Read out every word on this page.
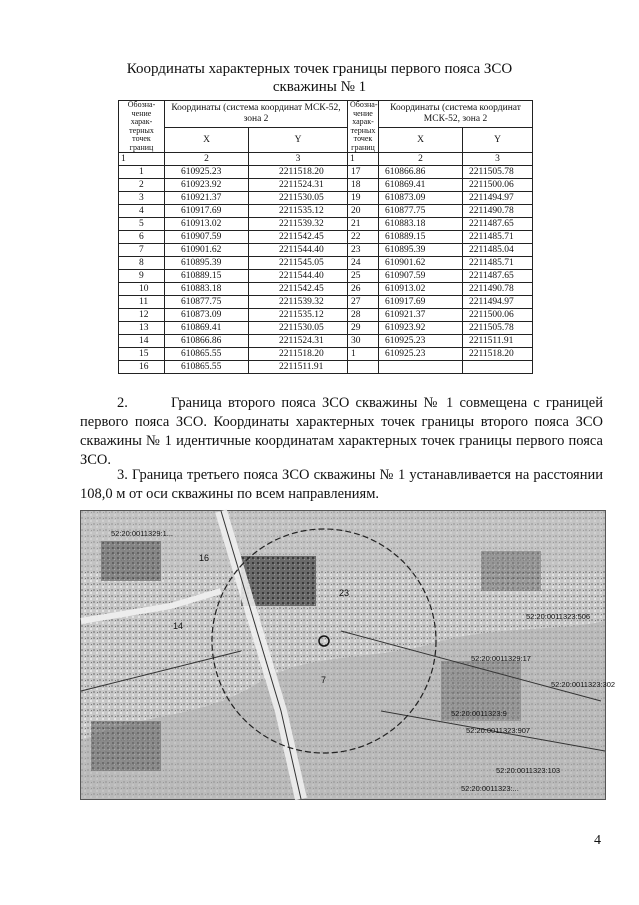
Координаты характерных точек границы первого пояса ЗСО
скважины № 1
Обозна- чение харак- терных точек границ	Координаты (система координат МСК-52, зона 2		Обозна- чение харак- терных точек границ	Координаты (система координат МСК-52, зона 2	
	X	Y		X	Y
1	2	3	1	2	3
1	610925.23	2211518.20	17	610866.86	2211505.78
2	610923.92	2211524.31	18	610869.41	2211500.06
3	610921.37	2211530.05	19	610873.09	2211494.97
4	610917.69	2211535.12	20	610877.75	2211490.78
5	610913.02	2211539.32	21	610883.18	2211487.65
6	610907.59	2211542.45	22	610889.15	2211485.71
7	610901.62	2211544.40	23	610895.39	2211485.04
8	610895.39	2211545.05	24	610901.62	2211485.71
9	610889.15	2211544.40	25	610907.59	2211487.65
10	610883.18	2211542.45	26	610913.02	2211490.78
11	610877.75	2211539.32	27	610917.69	2211494.97
12	610873.09	2211535.12	28	610921.37	2211500.06
13	610869.41	2211530.05	29	610923.92	2211505.78
14	610866.86	2211524.31	30	610925.23	2211511.91
15	610865.55	2211518.20	1	610925.23	2211518.20
16	610865.55	2211511.91			
2.       Граница второго пояса ЗСО скважины № 1 совмещена с границей первого пояса ЗСО. Координаты характерных точек границы второго пояса ЗСО скважины № 1 идентичные координатам характерных точек границы первого пояса ЗСО.
3. Граница третьего пояса ЗСО скважины № 1 устанавливается на расстоянии 108,0 м от оси скважины по всем направлениям.
52:20:0011329:1...
52:20:0011323:506
52:20:0011323:302
52:20:0011329:17
52:20:0011323:9
52:20:0011323:907
52:20:0011323:103
52:20:0011323:...
16
14
23
7
4
